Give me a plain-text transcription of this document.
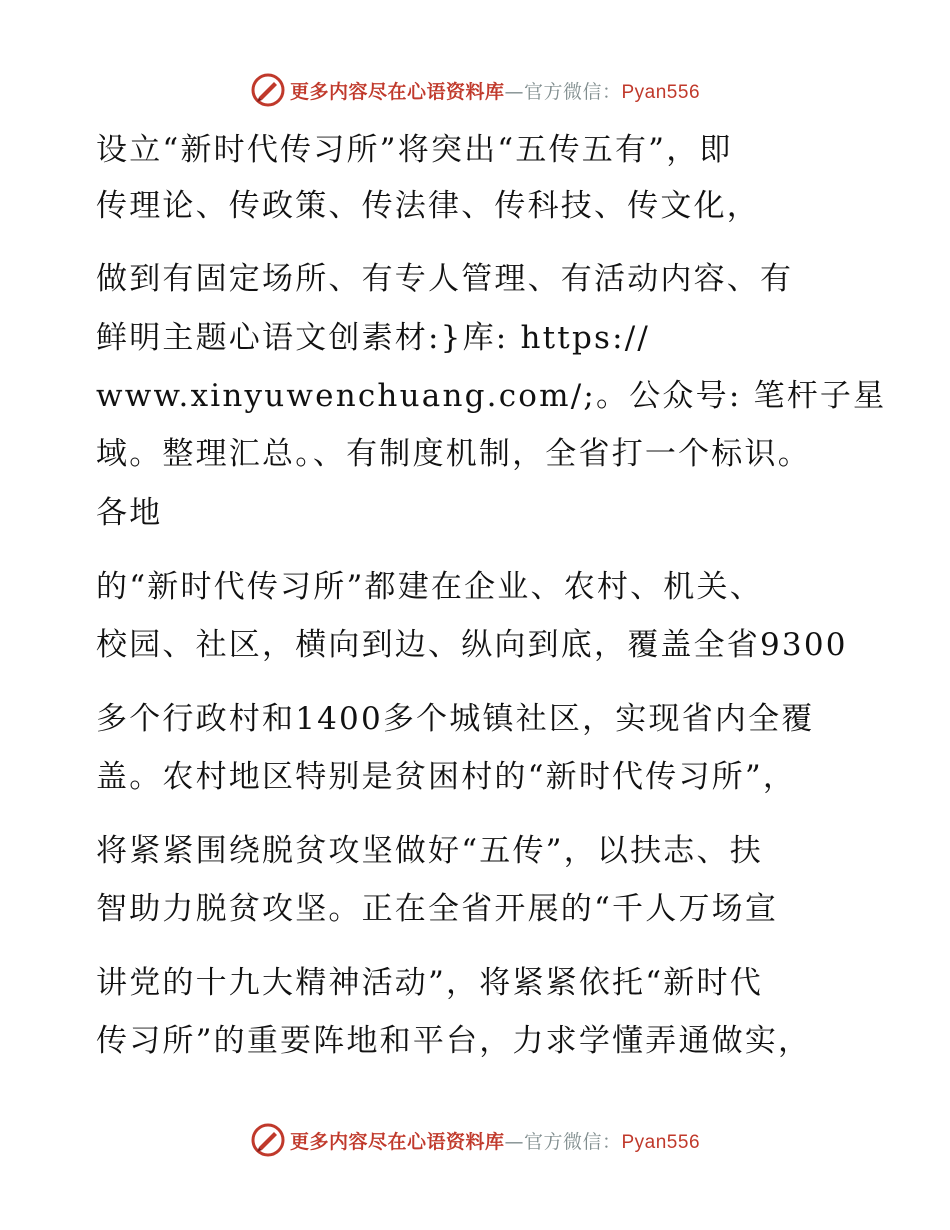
更多内容尽在心语资料库—官方微信：Pyan556
设立“新时代传习所”将突出“五传五有”，即
传理论、传政策、传法律、传科技、传文化，
做到有固定场所、有专人管理、有活动内容、有
鲜明主题心语文创素材:}库: https://
www.xinyuwenchuang.com/;。公众号: 笔杆子星
域。整理汇总。、有制度机制，全省打一个标识。
各地
的“新时代传习所”都建在企业、农村、机关、
校园、社区，横向到边、纵向到底，覆盖全省9300
多个行政村和1400多个城镇社区，实现省内全覆
盖。农村地区特别是贫困村的“新时代传习所”，
将紧紧围绕脱贫攻坚做好“五传”，以扶志、扶
智助力脱贫攻坚。正在全省开展的“千人万场宣
讲党的十九大精神活动”，将紧紧依托“新时代
传习所”的重要阵地和平台，力求学懂弄通做实，
更多内容尽在心语资料库—官方微信：Pyan556
